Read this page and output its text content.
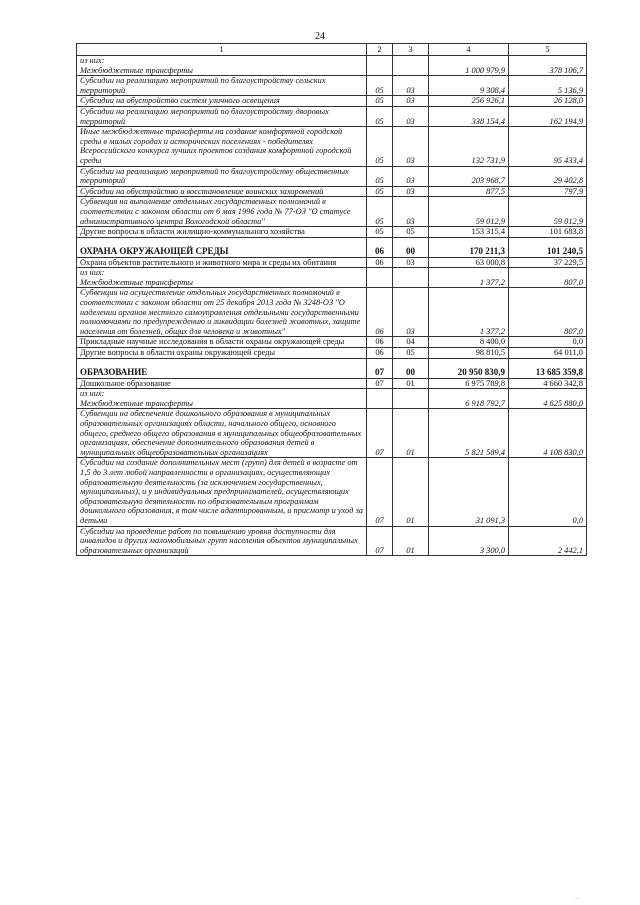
24
1	2	3	4	5
из них:
Межбюджетные трансферты			1 000 979,9	378 106,7
Субсидии на реализацию мероприятий по благоустройству сельских территорий	05	03	9 308,4	5 136,9
Субсидии на обустройство систем уличного освещения	05	03	256 926,1	26 128,0
Субсидии на реализацию мероприятий по благоустройству дворовых территорий	05	03	338 154,4	162 194,9
Иные межбюджетные трансферты на создание комфортной городской среды в малых городах и исторических поселениях - победителях Всероссийского конкурса лучших проектов создания комфортной городской среды	05	03	132 731,9	95 433,4
Субсидии на реализацию мероприятий по благоустройству общественных территорий	05	03	203 968,7	29 402,8
Субсидии на обустройство и восстановление воинских захоронений	05	03	877,5	797,9
Субвенция на выполнение отдельных государственных полномочий в соответствии с законом области от 6 мая 1996 года № 77-ОЗ "О статусе административного центра Вологодской области"	05	03	59 012,9	59 012,9
Другие вопросы в области жилищно-коммунального хозяйства	05	05	153 315,4	101 683,8
ОХРАНА ОКРУЖАЮЩЕЙ СРЕДЫ	06	00	170 211,3	101 240,5
Охрана объектов растительного и животного мира и среды их обитания	06	03	63 000,8	37 229,5
из них:
Межбюджетные трансферты			1 377,2	807,0
Субвенции на осуществление отдельных государственных полномочий в соответствии с законом области от 25 декабря 2013 года № 3248-ОЗ "О наделении органов местного самоуправления отдельными государственными полномочиями по предупреждению и ликвидации болезней животных, защите населения от болезней, общих для человека и животных"	06	03	1 377,2	807,0
Прикладные научные исследования в области охраны окружающей среды	06	04	8 400,0	0,0
Другие вопросы в области охраны окружающей среды	06	05	98 810,5	64 011,0
ОБРАЗОВАНИЕ	07	00	20 950 830,9	13 685 359,8
Дошкольное образование	07	01	6 975 789,8	4 660 342,8
из них:
Межбюджетные трансферты			6 918 792,7	4 625 880,0
Субвенции на обеспечение дошкольного образования в муниципальных образовательных организациях области, начального общего, основного общего, среднего общего образования в муниципальных общеобразовательных организациях, обеспечение дополнительного образования детей в муниципальных общеобразовательных организациях	07	01	5 821 589,4	4 108 830,0
Субсидии на создание дополнительных мест (групп) для детей в возрасте от 1,5 до 3 лет любой направленности в организациях, осуществляющих образовательную деятельность (за исключением государственных, муниципальных), и у индивидуальных предпринимателей, осуществляющих образовательную деятельность по образовательным программам дошкольного образования, в том числе адаптированным, и присмотр и уход за детьми	07	01	31 091,3	0,0
Субсидии на проведение работ по повышению уровня доступности для инвалидов и других маломобильных групп населения объектов муниципальных образовательных организаций	07	01	3 300,0	2 442,1
. . .
